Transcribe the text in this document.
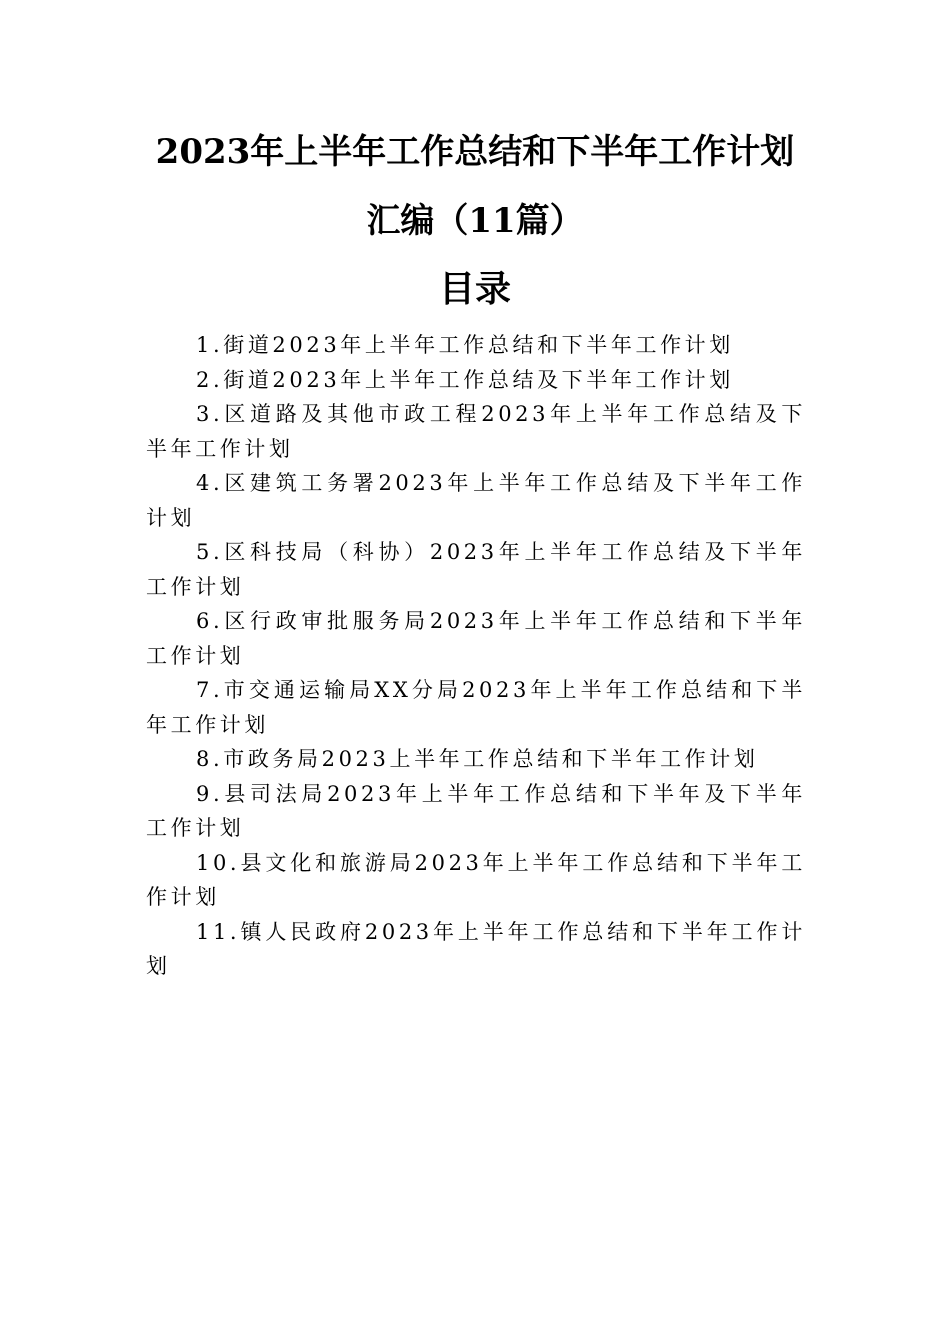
2023年上半年工作总结和下半年工作计划
汇编（11篇）
目录
1.街道2023年上半年工作总结和下半年工作计划
2.街道2023年上半年工作总结及下半年工作计划
3.区道路及其他市政工程2023年上半年工作总结及下半年工作计划
4.区建筑工务署2023年上半年工作总结及下半年工作计划
5.区科技局（科协）2023年上半年工作总结及下半年工作计划
6.区行政审批服务局2023年上半年工作总结和下半年工作计划
7.市交通运输局XX分局2023年上半年工作总结和下半年工作计划
8.市政务局2023上半年工作总结和下半年工作计划
9.县司法局2023年上半年工作总结和下半年及下半年工作计划
10.县文化和旅游局2023年上半年工作总结和下半年工作计划
11.镇人民政府2023年上半年工作总结和下半年工作计划
